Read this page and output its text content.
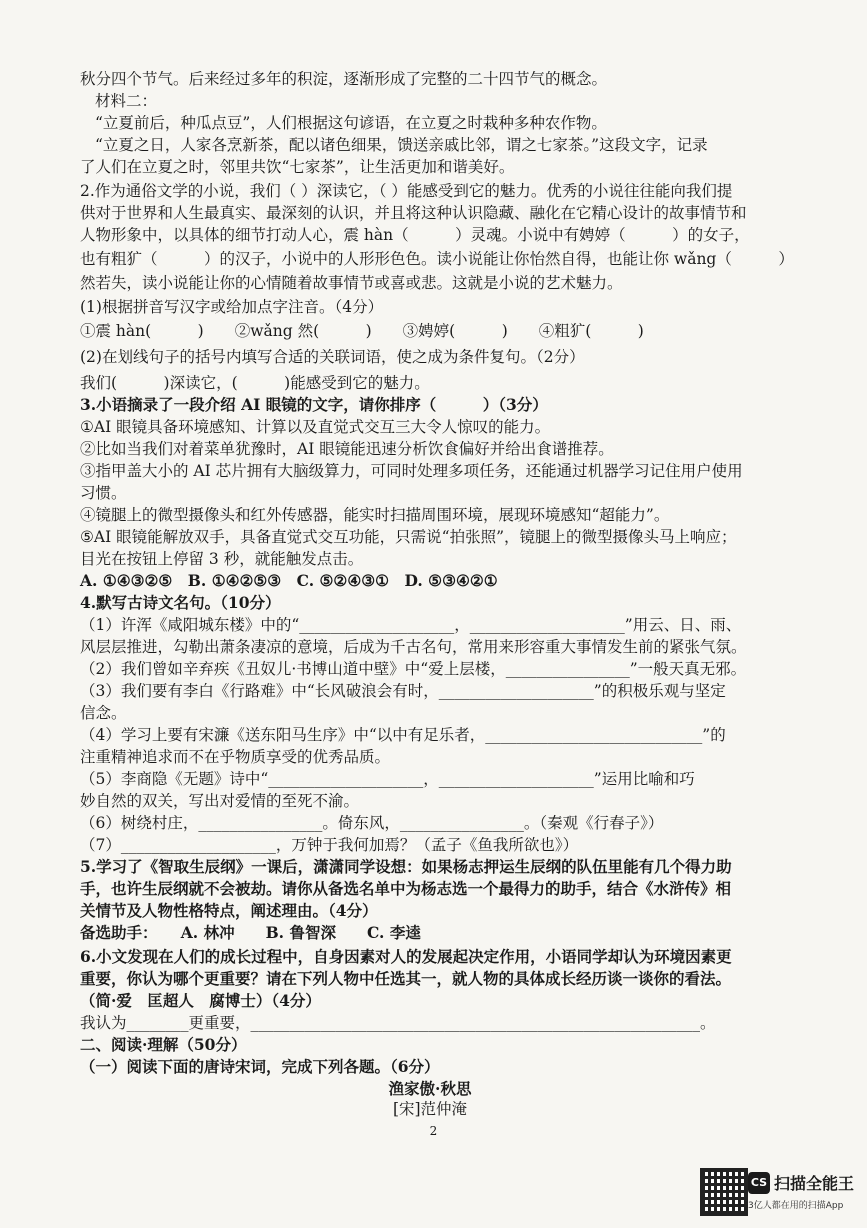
秋分四个节气。后来经过多年的积淀，逐渐形成了完整的二十四节气的概念。
材料二：
“立夏前后，种瓜点豆”，人们根据这句谚语，在立夏之时栽种多种农作物。
“立夏之日，人家各烹新茶，配以诸色细果，馈送亲戚比邻，谓之七家茶。”这段文字，记录
了人们在立夏之时，邻里共饮“七家茶”，让生活更加和谐美好。
2.作为通俗文学的小说，我们（ ）深读它，（ ）能感受到它的魅力。优秀的小说往往能向我们提
供对于世界和人生最真实、最深刻的认识，并且将这种认识隐藏、融化在它精心设计的故事情节和
人物形象中，以具体的细节打动人心，震 hàn（　　　）灵魂。小说中有娉婷（　　　）的女子，
也有粗犷（　　　）的汉子，小说中的人形形色色。读小说能让你怡然自得，也能让你 wǎng（　　　）
然若失，读小说能让你的心情随着故事情节或喜或悲。这就是小说的艺术魅力。
(1)根据拼音写汉字或给加点字注音。（4分）
①震 hàn(　　　)　　②wǎng 然(　　　)　　③娉婷(　　　)　　④粗犷(　　　)
(2)在划线句子的括号内填写合适的关联词语，使之成为条件复句。（2分）
我们(　　　)深读它，(　　　)能感受到它的魅力。
3.小语摘录了一段介绍 AI 眼镜的文字，请你排序（　　　）（3分）
①AI 眼镜具备环境感知、计算以及直觉式交互三大令人惊叹的能力。
②比如当我们对着菜单犹豫时，AI 眼镜能迅速分析饮食偏好并给出食谱推荐。
③指甲盖大小的 AI 芯片拥有大脑级算力，可同时处理多项任务，还能通过机器学习记住用户使用
习惯。
④镜腿上的微型摄像头和红外传感器，能实时扫描周围环境，展现环境感知“超能力”。
⑤AI 眼镜能解放双手，具备直觉式交互功能，只需说“拍张照”，镜腿上的微型摄像头马上响应；
目光在按钮上停留 3 秒，就能触发点击。
A. ①④③②⑤　B. ①④②⑤③　C. ⑤②④③①　D. ⑤③④②①
4.默写古诗文名句。（10分）
（1）许浑《咸阳城东楼》中的“____________________，____________________”用云、日、雨、
风层层推进，勾勒出萧条凄凉的意境，后成为千古名句，常用来形容重大事情发生前的紧张气氛。
（2）我们曾如辛弃疾《丑奴儿·书博山道中壁》中“爱上层楼，________________”一般天真无邪。
（3）我们要有李白《行路难》中“长风破浪会有时，____________________”的积极乐观与坚定
信念。
（4）学习上要有宋濂《送东阳马生序》中“以中有足乐者，____________________________”的
注重精神追求而不在乎物质享受的优秀品质。
（5）李商隐《无题》诗中“____________________，____________________”运用比喻和巧
妙自然的双关，写出对爱情的至死不渝。
（6）树绕村庄，________________。倚东风，________________。（秦观《行春子》）
（7）____________________，万钟于我何加焉？（孟子《鱼我所欲也》）
5.学习了《智取生辰纲》一课后，潇潇同学设想：如果杨志押运生辰纲的队伍里能有几个得力助
手，也许生辰纲就不会被劫。请你从备选名单中为杨志选一个最得力的助手，结合《水浒传》相
关情节及人物性格特点，阐述理由。（4分）
备选助手：　　A. 林冲　　B. 鲁智深　　C. 李逵
6.小文发现在人们的成长过程中，自身因素对人的发展起决定作用，小语同学却认为环境因素更
重要，你认为哪个更重要？请在下列人物中任选其一，就人物的具体成长经历谈一谈你的看法。
（简·爱　匡超人　腐博士）（4分）
我认为________更重要，__________________________________________________________。
二、阅读·理解（50分）
（一）阅读下面的唐诗宋词，完成下列各题。（6分）
渔家傲·秋思
[宋]范仲淹
2
CS 扫描全能王
3亿人都在用的扫描App
